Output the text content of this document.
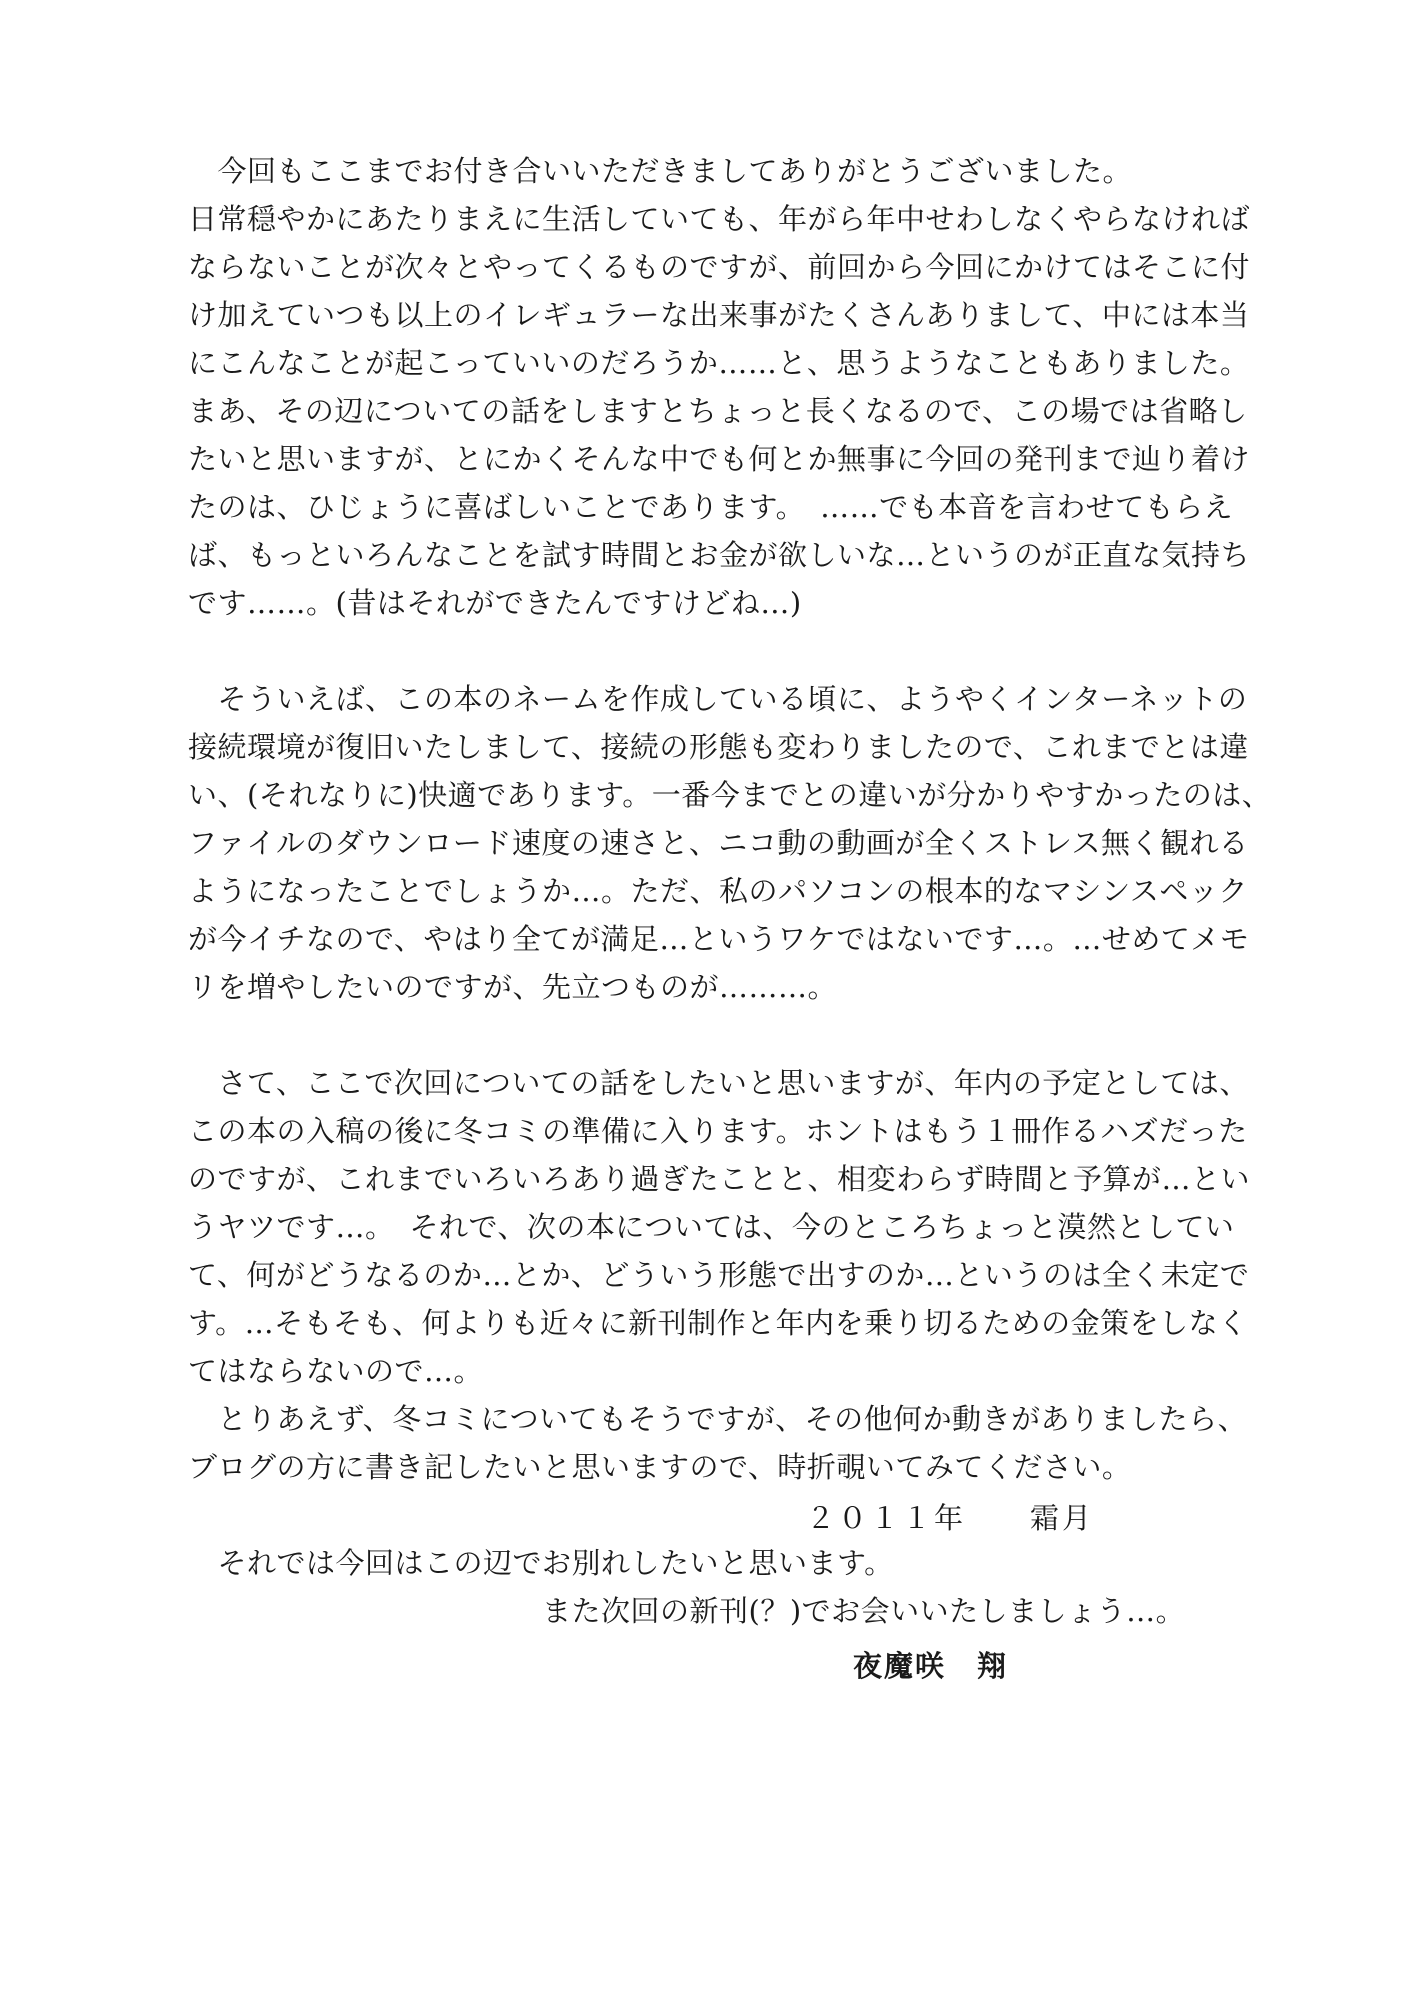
　今回もここまでお付き合いいただきましてありがとうございました。
日常穏やかにあたりまえに生活していても、年がら年中せわしなくやらなければ
ならないことが次々とやってくるものですが、前回から今回にかけてはそこに付
け加えていつも以上のイレギュラーな出来事がたくさんありまして、中には本当
にこんなことが起こっていいのだろうか……と、思うようなこともありました。
まあ、その辺についての話をしますとちょっと長くなるので、この場では省略し
たいと思いますが、とにかくそんな中でも何とか無事に今回の発刊まで辿り着け
たのは、ひじょうに喜ばしいことであります。　……でも本音を言わせてもらえ
ば、もっといろんなことを試す時間とお金が欲しいな…というのが正直な気持ち
です……。(昔はそれができたんですけどね…)
　そういえば、この本のネームを作成している頃に、ようやくインターネットの
接続環境が復旧いたしまして、接続の形態も変わりましたので、これまでとは違
い、(それなりに)快適であります。一番今までとの違いが分かりやすかったのは、
ファイルのダウンロード速度の速さと、ニコ動の動画が全くストレス無く観れる
ようになったことでしょうか…。ただ、私のパソコンの根本的なマシンスペック
が今イチなので、やはり全てが満足…というワケではないです…。…せめてメモ
リを増やしたいのですが、先立つものが………。
　さて、ここで次回についての話をしたいと思いますが、年内の予定としては、
この本の入稿の後に冬コミの準備に入ります。ホントはもう１冊作るハズだった
のですが、これまでいろいろあり過ぎたことと、相変わらず時間と予算が…とい
うヤツです…。　それで、次の本については、今のところちょっと漠然としてい
て、何がどうなるのか…とか、どういう形態で出すのか…というのは全く未定で
す。…そもそも、何よりも近々に新刊制作と年内を乗り切るための金策をしなく
てはならないので…。
　とりあえず、冬コミについてもそうですが、その他何か動きがありましたら、
ブログの方に書き記したいと思いますので、時折覗いてみてください。
　それでは今回はこの辺でお別れしたいと思います。
　　　　　　　　　　　　また次回の新刊(？)でお会いいたしましょう…。
２０１１年　　霜月
夜魔咲　翔
